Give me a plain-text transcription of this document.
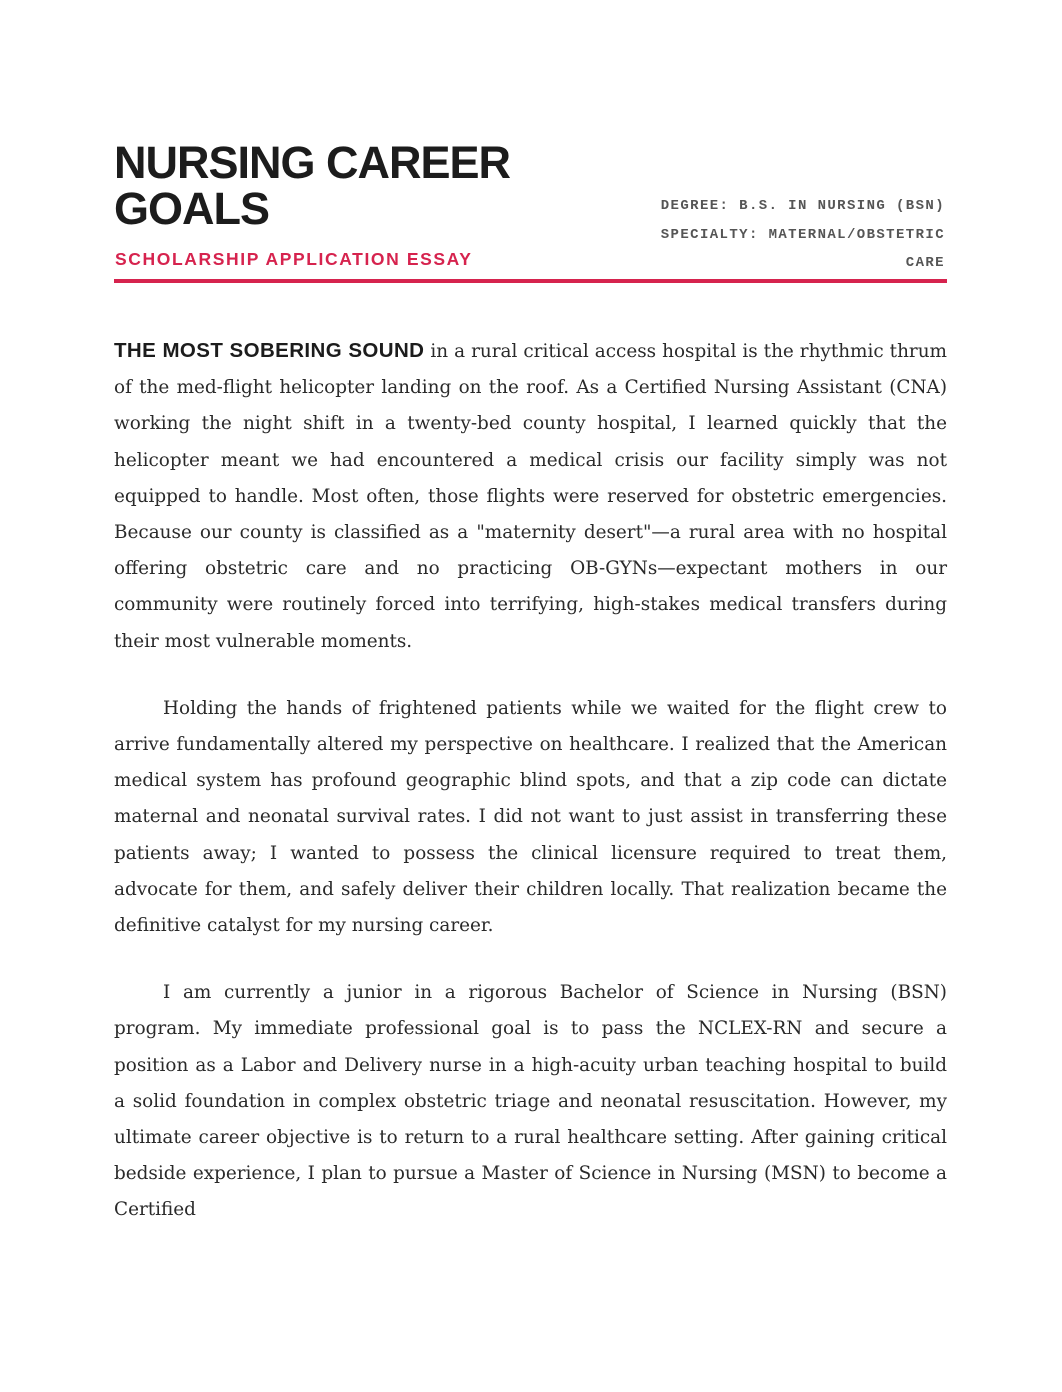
NURSING CAREER GOALS
SCHOLARSHIP APPLICATION ESSAY
DEGREE: B.S. IN NURSING (BSN)
SPECIALTY: MATERNAL/OBSTETRIC
CARE

THE MOST SOBERING SOUND in a rural critical access hospital is the rhythmic thrum of the med-flight helicopter landing on the roof. As a Certified Nursing Assistant (CNA) working the night shift in a twenty-bed county hospital, I learned quickly that the helicopter meant we had encountered a medical crisis our facility simply was not equipped to handle. Most often, those flights were reserved for obstetric emergencies. Because our county is classified as a "maternity desert"—a rural area with no hospital offering obstetric care and no practicing OB-GYNs—expectant mothers in our community were routinely forced into terrifying, high-stakes medical transfers during their most vulnerable moments.

Holding the hands of frightened patients while we waited for the flight crew to arrive fundamentally altered my perspective on healthcare. I realized that the American medical system has profound geographic blind spots, and that a zip code can dictate maternal and neonatal survival rates. I did not want to just assist in transferring these patients away; I wanted to possess the clinical licensure required to treat them, advocate for them, and safely deliver their children locally. That realization became the definitive catalyst for my nursing career.

I am currently a junior in a rigorous Bachelor of Science in Nursing (BSN) program. My immediate professional goal is to pass the NCLEX-RN and secure a position as a Labor and Delivery nurse in a high-acuity urban teaching hospital to build a solid foundation in complex obstetric triage and neonatal resuscitation. However, my ultimate career objective is to return to a rural healthcare setting. After gaining critical bedside experience, I plan to pursue a Master of Science in Nursing (MSN) to become a Certified
